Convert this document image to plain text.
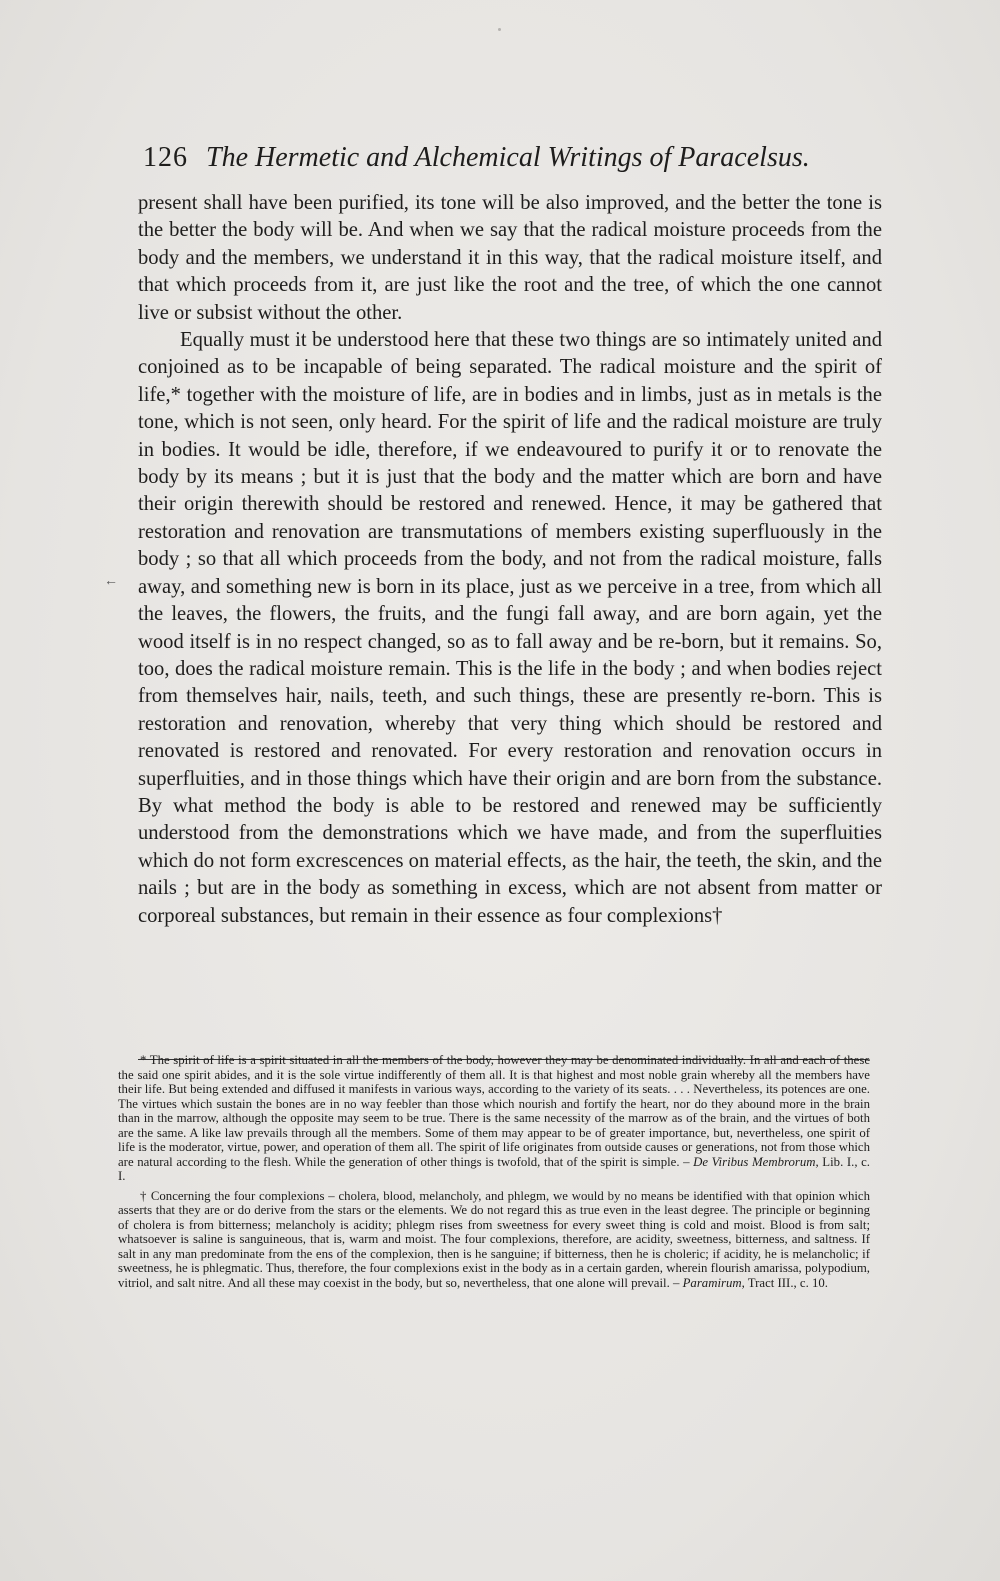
126 The Hermetic and Alchemical Writings of Paracelsus.

present shall have been purified, its tone will be also improved, and the better the tone is the better the body will be. And when we say that the radical moisture proceeds from the body and the members, we understand it in this way, that the radical moisture itself, and that which proceeds from it, are just like the root and the tree, of which the one cannot live or subsist without the other.

Equally must it be understood here that these two things are so intimately united and conjoined as to be incapable of being separated. The radical moisture and the spirit of life,* together with the moisture of life, are in bodies and in limbs, just as in metals is the tone, which is not seen, only heard. For the spirit of life and the radical moisture are truly in bodies. It would be idle, therefore, if we endeavoured to purify it or to renovate the body by its means ; but it is just that the body and the matter which are born and have their origin therewith should be restored and renewed. Hence, it may be gathered that restoration and renovation are transmutations of members existing superfluously in the body ; so that all which proceeds from the body, and not from the radical moisture, falls away, and something new is born in its place, just as we perceive in a tree, from which all the leaves, the flowers, the fruits, and the fungi fall away, and are born again, yet the wood itself is in no respect changed, so as to fall away and be re-born, but it remains. So, too, does the radical moisture remain. This is the life in the body ; and when bodies reject from themselves hair, nails, teeth, and such things, these are presently re-born. This is restoration and renovation, whereby that very thing which should be restored and renovated is restored and renovated. For every restoration and renovation occurs in superfluities, and in those things which have their origin and are born from the substance. By what method the body is able to be restored and renewed may be sufficiently understood from the demonstrations which we have made, and from the superfluities which do not form excrescences on material effects, as the hair, the teeth, the skin, and the nails ; but are in the body as something in excess, which are not absent from matter or corporeal substances, but remain in their essence as four complexions†

←

* The spirit of life is a spirit situated in all the members of the body, however they may be denominated individually. In all and each of these the said one spirit abides, and it is the sole virtue indifferently of them all. It is that highest and most noble grain whereby all the members have their life. But being extended and diffused it manifests in various ways, according to the variety of its seats. . . . Nevertheless, its potences are one. The virtues which sustain the bones are in no way feebler than those which nourish and fortify the heart, nor do they abound more in the brain than in the marrow, although the opposite may seem to be true. There is the same necessity of the marrow as of the brain, and the virtues of both are the same. A like law prevails through all the members. Some of them may appear to be of greater importance, but, nevertheless, one spirit of life is the moderator, virtue, power, and operation of them all. The spirit of life originates from outside causes or generations, not from those which are natural according to the flesh. While the generation of other things is twofold, that of the spirit is simple. – De Viribus Membrorum, Lib. I., c. I.

† Concerning the four complexions – cholera, blood, melancholy, and phlegm, we would by no means be identified with that opinion which asserts that they are or do derive from the stars or the elements. We do not regard this as true even in the least degree. The principle or beginning of cholera is from bitterness; melancholy is acidity; phlegm rises from sweetness for every sweet thing is cold and moist. Blood is from salt; whatsoever is saline is sanguineous, that is, warm and moist. The four complexions, therefore, are acidity, sweetness, bitterness, and saltness. If salt in any man predominate from the ens of the complexion, then is he sanguine; if bitterness, then he is choleric; if acidity, he is melancholic; if sweetness, he is phlegmatic. Thus, therefore, the four complexions exist in the body as in a certain garden, wherein flourish amarissa, polypodium, vitriol, and salt nitre. And all these may coexist in the body, but so, nevertheless, that one alone will prevail. – Paramirum, Tract III., c. 10.
